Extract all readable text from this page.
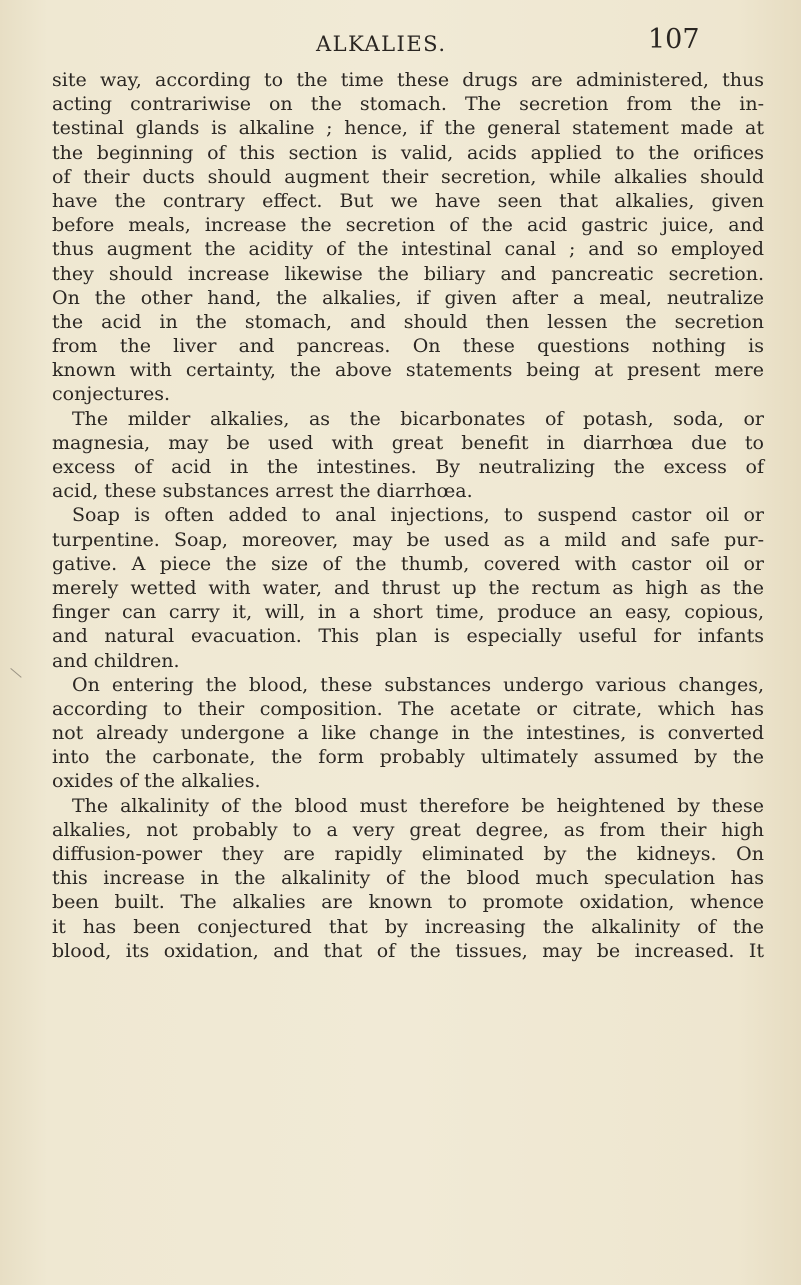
ALKALIES.	107
site way, according to the time these drugs are administered, thus
acting contrariwise on the stomach. The secretion from the in-
testinal glands is alkaline ; hence, if the general statement made at
the beginning of this section is valid, acids applied to the orifices
of their ducts should augment their secretion, while alkalies should
have the contrary effect. But we have seen that alkalies, given
before meals, increase the secretion of the acid gastric juice, and
thus augment the acidity of the intestinal canal ; and so employed
they should increase likewise the biliary and pancreatic secretion.
On the other hand, the alkalies, if given after a meal, neutralize
the acid in the stomach, and should then lessen the secretion
from the liver and pancreas. On these questions nothing is
known with certainty, the above statements being at present mere
conjectures.
The milder alkalies, as the bicarbonates of potash, soda, or
magnesia, may be used with great benefit in diarrhœa due to
excess of acid in the intestines. By neutralizing the excess of
acid, these substances arrest the diarrhœa.
Soap is often added to anal injections, to suspend castor oil or
turpentine. Soap, moreover, may be used as a mild and safe pur-
gative. A piece the size of the thumb, covered with castor oil or
merely wetted with water, and thrust up the rectum as high as the
finger can carry it, will, in a short time, produce an easy, copious,
and natural evacuation. This plan is especially useful for infants
and children.
On entering the blood, these substances undergo various changes,
according to their composition. The acetate or citrate, which has
not already undergone a like change in the intestines, is converted
into the carbonate, the form probably ultimately assumed by the
oxides of the alkalies.
The alkalinity of the blood must therefore be heightened by these
alkalies, not probably to a very great degree, as from their high
diffusion-power they are rapidly eliminated by the kidneys. On
this increase in the alkalinity of the blood much speculation has
been built. The alkalies are known to promote oxidation, whence
it has been conjectured that by increasing the alkalinity of the
blood, its oxidation, and that of the tissues, may be increased. It
